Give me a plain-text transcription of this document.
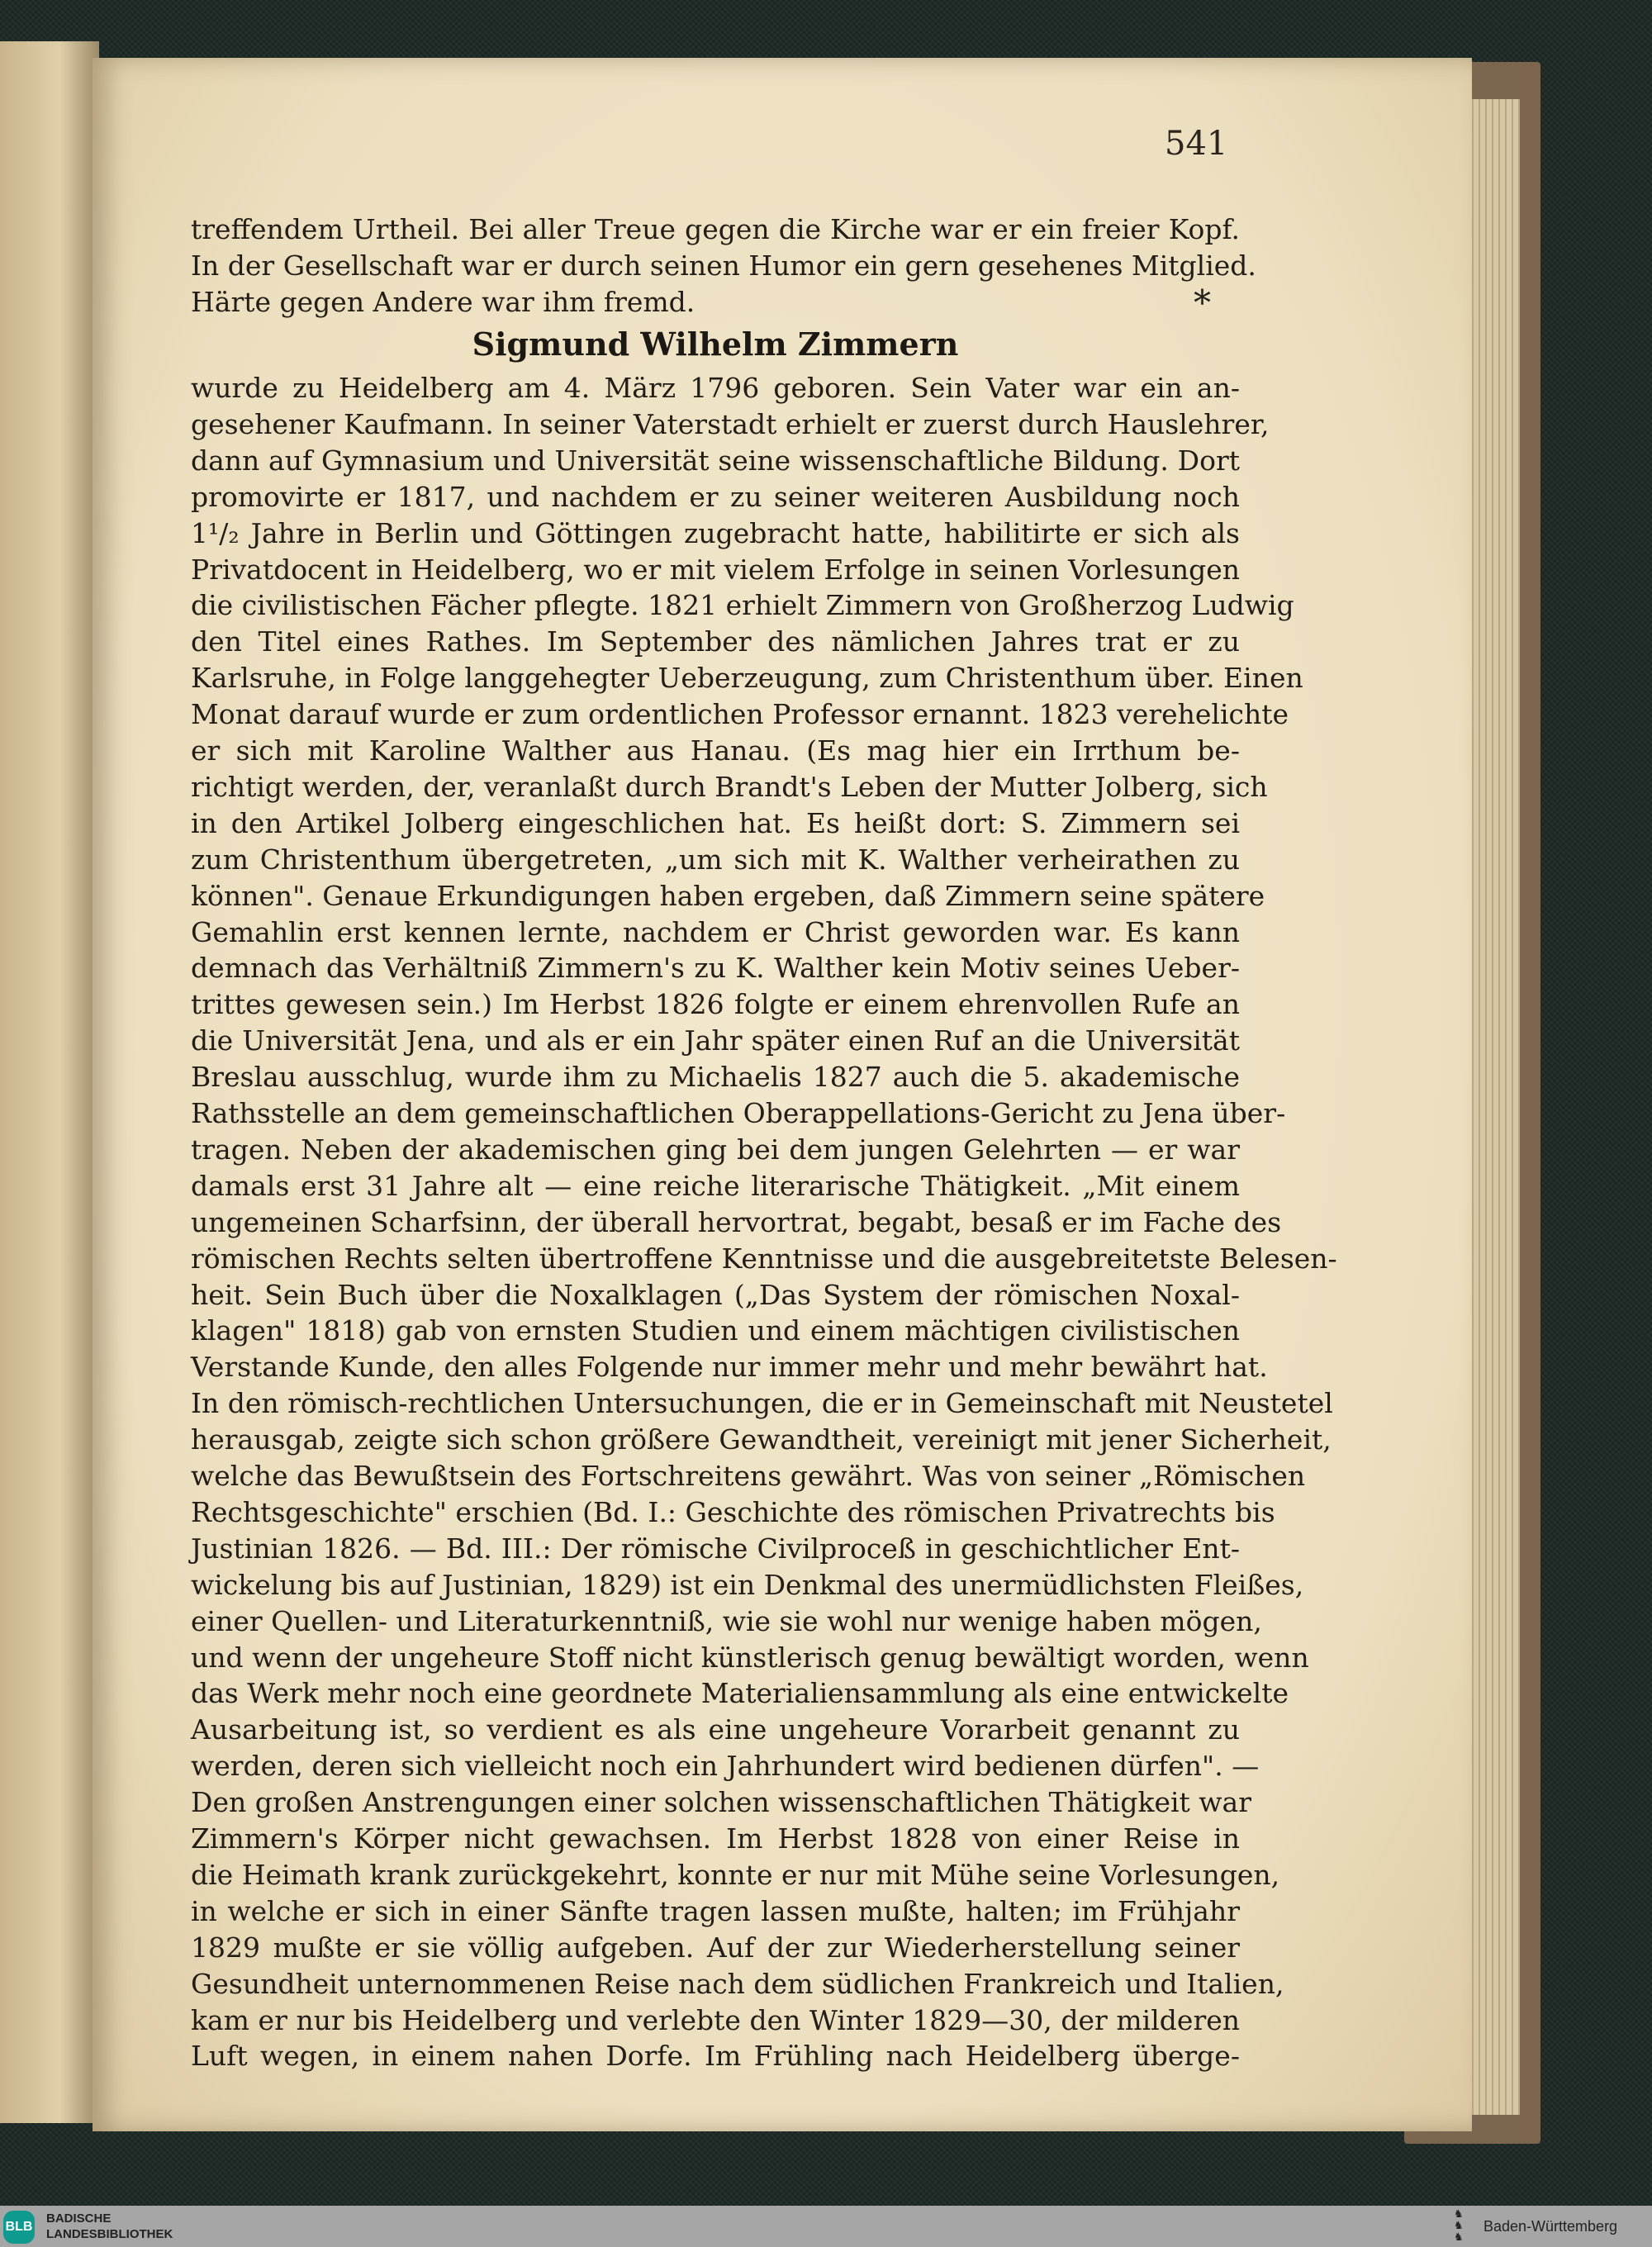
541
treffendem Urtheil. Bei aller Treue gegen die Kirche war er ein freier Kopf.
In der Gesellschaft war er durch seinen Humor ein gern gesehenes Mitglied.
Härte gegen Andere war ihm fremd.	*
Sigmund Wilhelm Zimmern
wurde zu Heidelberg am 4. März 1796 geboren. Sein Vater war ein an-
gesehener Kaufmann. In seiner Vaterstadt erhielt er zuerst durch Hauslehrer,
dann auf Gymnasium und Universität seine wissenschaftliche Bildung. Dort
promovirte er 1817, und nachdem er zu seiner weiteren Ausbildung noch
1¹/₂ Jahre in Berlin und Göttingen zugebracht hatte, habilitirte er sich als
Privatdocent in Heidelberg, wo er mit vielem Erfolge in seinen Vorlesungen
die civilistischen Fächer pflegte. 1821 erhielt Zimmern von Großherzog Ludwig
den Titel eines Rathes. Im September des nämlichen Jahres trat er zu
Karlsruhe, in Folge langgehegter Ueberzeugung, zum Christenthum über. Einen
Monat darauf wurde er zum ordentlichen Professor ernannt. 1823 verehelichte
er sich mit Karoline Walther aus Hanau. (Es mag hier ein Irrthum be-
richtigt werden, der, veranlaßt durch Brandt's Leben der Mutter Jolberg, sich
in den Artikel Jolberg eingeschlichen hat. Es heißt dort: S. Zimmern sei
zum Christenthum übergetreten, „um sich mit K. Walther verheirathen zu
können". Genaue Erkundigungen haben ergeben, daß Zimmern seine spätere
Gemahlin erst kennen lernte, nachdem er Christ geworden war. Es kann
demnach das Verhältniß Zimmern's zu K. Walther kein Motiv seines Ueber-
trittes gewesen sein.) Im Herbst 1826 folgte er einem ehrenvollen Rufe an
die Universität Jena, und als er ein Jahr später einen Ruf an die Universität
Breslau ausschlug, wurde ihm zu Michaelis 1827 auch die 5. akademische
Rathsstelle an dem gemeinschaftlichen Oberappellations-Gericht zu Jena über-
tragen. Neben der akademischen ging bei dem jungen Gelehrten — er war
damals erst 31 Jahre alt — eine reiche literarische Thätigkeit. „Mit einem
ungemeinen Scharfsinn, der überall hervortrat, begabt, besaß er im Fache des
römischen Rechts selten übertroffene Kenntnisse und die ausgebreitetste Belesen-
heit. Sein Buch über die Noxalklagen („Das System der römischen Noxal-
klagen" 1818) gab von ernsten Studien und einem mächtigen civilistischen
Verstande Kunde, den alles Folgende nur immer mehr und mehr bewährt hat.
In den römisch-rechtlichen Untersuchungen, die er in Gemeinschaft mit Neustetel
herausgab, zeigte sich schon größere Gewandtheit, vereinigt mit jener Sicherheit,
welche das Bewußtsein des Fortschreitens gewährt. Was von seiner „Römischen
Rechtsgeschichte" erschien (Bd. I.: Geschichte des römischen Privatrechts bis
Justinian 1826. — Bd. III.: Der römische Civilproceß in geschichtlicher Ent-
wickelung bis auf Justinian, 1829) ist ein Denkmal des unermüdlichsten Fleißes,
einer Quellen- und Literaturkenntniß, wie sie wohl nur wenige haben mögen,
und wenn der ungeheure Stoff nicht künstlerisch genug bewältigt worden, wenn
das Werk mehr noch eine geordnete Materialiensammlung als eine entwickelte
Ausarbeitung ist, so verdient es als eine ungeheure Vorarbeit genannt zu
werden, deren sich vielleicht noch ein Jahrhundert wird bedienen dürfen". —
Den großen Anstrengungen einer solchen wissenschaftlichen Thätigkeit war
Zimmern's Körper nicht gewachsen. Im Herbst 1828 von einer Reise in
die Heimath krank zurückgekehrt, konnte er nur mit Mühe seine Vorlesungen,
in welche er sich in einer Sänfte tragen lassen mußte, halten; im Frühjahr
1829 mußte er sie völlig aufgeben. Auf der zur Wiederherstellung seiner
Gesundheit unternommenen Reise nach dem südlichen Frankreich und Italien,
kam er nur bis Heidelberg und verlebte den Winter 1829—30, der milderen
Luft wegen, in einem nahen Dorfe. Im Frühling nach Heidelberg überge-
BLB
BADISCHE
LANDESBIBLIOTHEK
♞
♞
♞
Baden-Württemberg
